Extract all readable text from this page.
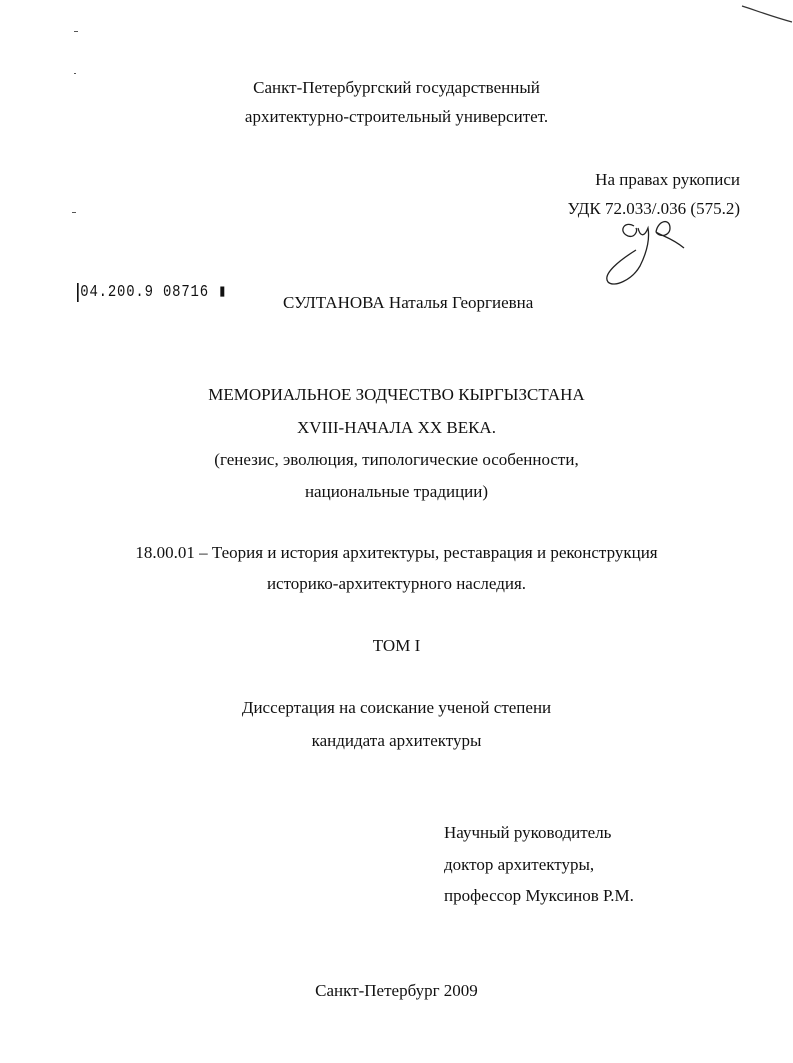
Санкт-Петербургский государственный
архитектурно-строительный университет.
На правах рукописи
УДК 72.033/.036 (575.2)
04.200.9 08716 ▮
СУЛТАНОВА Наталья Георгиевна
МЕМОРИАЛЬНОЕ ЗОДЧЕСТВО КЫРГЫЗСТАНА
XVIII-НАЧАЛА XX ВЕКА.
(генезис, эволюция, типологические особенности,
национальные традиции)
18.00.01 – Теория и история архитектуры, реставрация и реконструкция
историко-архитектурного наследия.
ТОМ I
Диссертация на соискание ученой степени
кандидата архитектуры
Научный руководитель
доктор архитектуры,
профессор Муксинов Р.М.
Санкт-Петербург 2009
